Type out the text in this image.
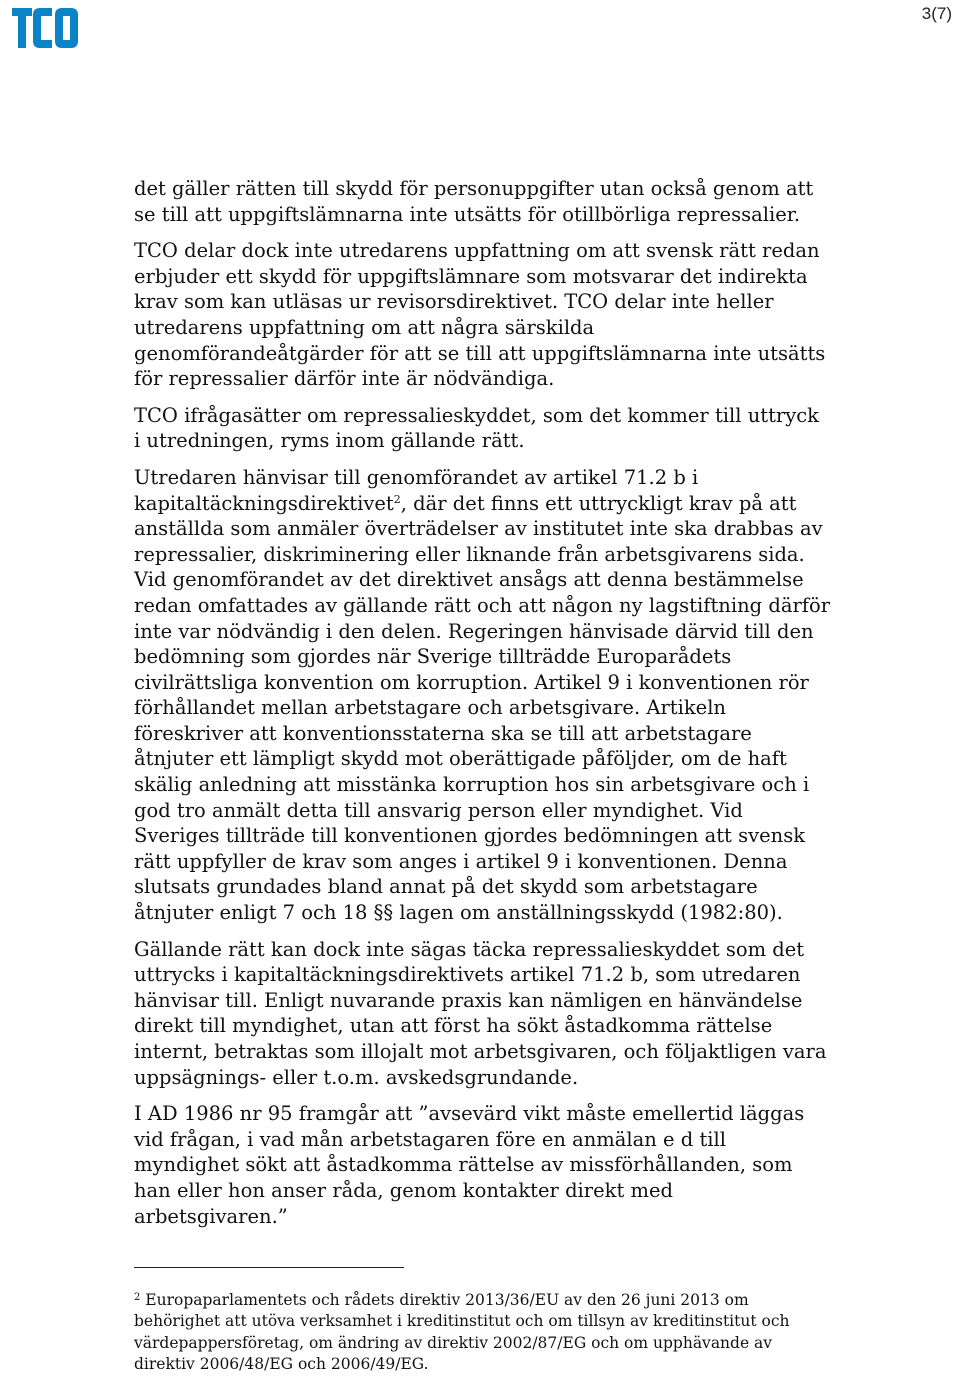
3(7)

det gäller rätten till skydd för personuppgifter utan också genom att
se till att uppgiftslämnarna inte utsätts för otillbörliga repressalier.

TCO delar dock inte utredarens uppfattning om att svensk rätt redan
erbjuder ett skydd för uppgiftslämnare som motsvarar det indirekta
krav som kan utläsas ur revisorsdirektivet. TCO delar inte heller
utredarens uppfattning om att några särskilda
genomförandeåtgärder för att se till att uppgiftslämnarna inte utsätts
för repressalier därför inte är nödvändiga.

TCO ifrågasätter om repressalieskyddet, som det kommer till uttryck
i utredningen, ryms inom gällande rätt.

Utredaren hänvisar till genomförandet av artikel 71.2 b i
kapitaltäckningsdirektivet$^2$, där det finns ett uttryckligt krav på att
anställda som anmäler överträdelser av institutet inte ska drabbas av
repressalier, diskriminering eller liknande från arbetsgivarens sida.
Vid genomförandet av det direktivet ansågs att denna bestämmelse
redan omfattades av gällande rätt och att någon ny lagstiftning därför
inte var nödvändig i den delen. Regeringen hänvisade därvid till den
bedömning som gjordes när Sverige tillträdde Europarådets
civilrättsliga konvention om korruption. Artikel 9 i konventionen rör
förhållandet mellan arbetstagare och arbetsgivare. Artikeln
föreskriver att konventionsstaterna ska se till att arbetstagare
åtnjuter ett lämpligt skydd mot oberättigade påföljder, om de haft
skälig anledning att misstänka korruption hos sin arbetsgivare och i
god tro anmält detta till ansvarig person eller myndighet. Vid
Sveriges tillträde till konventionen gjordes bedömningen att svensk
rätt uppfyller de krav som anges i artikel 9 i konventionen. Denna
slutsats grundades bland annat på det skydd som arbetstagare
åtnjuter enligt 7 och 18 §§ lagen om anställningsskydd (1982:80).

Gällande rätt kan dock inte sägas täcka repressalieskyddet som det
uttrycks i kapitaltäckningsdirektivets artikel 71.2 b, som utredaren
hänvisar till. Enligt nuvarande praxis kan nämligen en hänvändelse
direkt till myndighet, utan att först ha sökt åstadkomma rättelse
internt, betraktas som illojalt mot arbetsgivaren, och följaktligen vara
uppsägnings- eller t.o.m. avskedsgrundande.

I AD 1986 nr 95 framgår att ”avsevärd vikt måste emellertid läggas
vid frågan, i vad mån arbetstagaren före en anmälan e d till
myndighet sökt att åstadkomma rättelse av missförhållanden, som
han eller hon anser råda, genom kontakter direkt med
arbetsgivaren.”

$^2$ Europaparlamentets och rådets direktiv 2013/36/EU av den 26 juni 2013 om
behörighet att utöva verksamhet i kreditinstitut och om tillsyn av kreditinstitut och
värdepappersföretag, om ändring av direktiv 2002/87/EG och om upphävande av
direktiv 2006/48/EG och 2006/49/EG.
